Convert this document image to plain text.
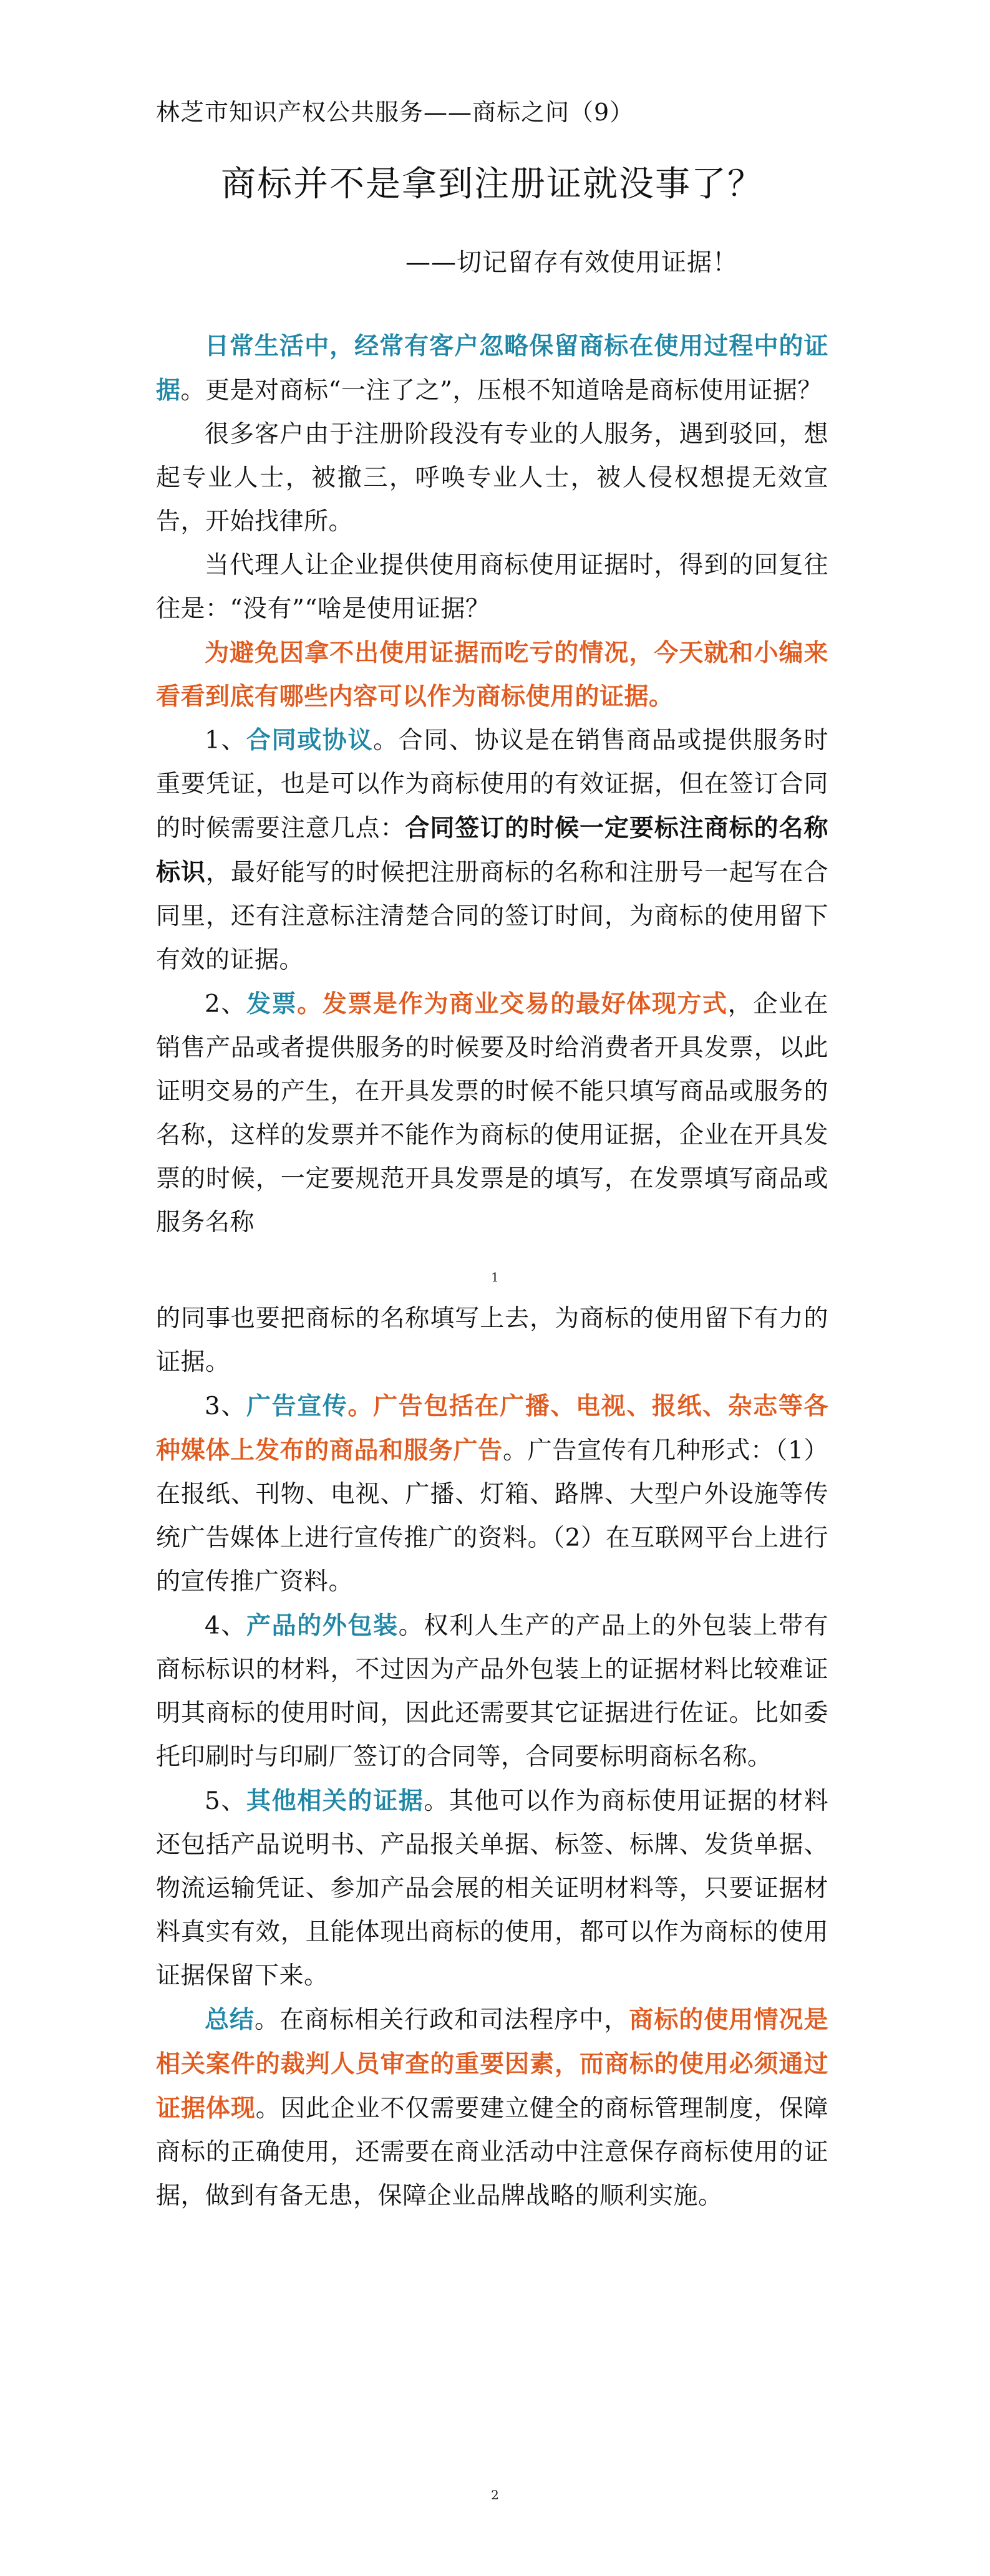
林芝市知识产权公共服务——商标之问（9）
商标并不是拿到注册证就没事了？
——切记留存有效使用证据！

日常生活中，经常有客户忽略保留商标在使用过程中的证据。更是对商标“一注了之”，压根不知道啥是商标使用证据？

很多客户由于注册阶段没有专业的人服务，遇到驳回，想起专业人士，被撤三，呼唤专业人士，被人侵权想提无效宣告，开始找律所。

当代理人让企业提供使用商标使用证据时，得到的回复往往是：“没有”“啥是使用证据？

为避免因拿不出使用证据而吃亏的情况，今天就和小编来看看到底有哪些内容可以作为商标使用的证据。

1、合同或协议。合同、协议是在销售商品或提供服务时重要凭证，也是可以作为商标使用的有效证据，但在签订合同的时候需要注意几点：合同签订的时候一定要标注商标的名称标识，最好能写的时候把注册商标的名称和注册号一起写在合同里，还有注意标注清楚合同的签订时间，为商标的使用留下有效的证据。

2、发票。发票是作为商业交易的最好体现方式，企业在销售产品或者提供服务的时候要及时给消费者开具发票，以此证明交易的产生，在开具发票的时候不能只填写商品或服务的名称，这样的发票并不能作为商标的使用证据，企业在开具发票的时候，一定要规范开具发票是的填写，在发票填写商品或服务名称

1

的同事也要把商标的名称填写上去，为商标的使用留下有力的证据。

3、广告宣传。广告包括在广播、电视、报纸、杂志等各种媒体上发布的商品和服务广告。广告宣传有几种形式：（1）在报纸、刊物、电视、广播、灯箱、路牌、大型户外设施等传统广告媒体上进行宣传推广的资料。（2）在互联网平台上进行的宣传推广资料。

4、产品的外包装。权利人生产的产品上的外包装上带有商标标识的材料，不过因为产品外包装上的证据材料比较难证明其商标的使用时间，因此还需要其它证据进行佐证。比如委托印刷时与印刷厂签订的合同等，合同要标明商标名称。

5、其他相关的证据。其他可以作为商标使用证据的材料还包括产品说明书、产品报关单据、标签、标牌、发货单据、物流运输凭证、参加产品会展的相关证明材料等，只要证据材料真实有效，且能体现出商标的使用，都可以作为商标的使用证据保留下来。

总结。在商标相关行政和司法程序中，商标的使用情况是相关案件的裁判人员审查的重要因素，而商标的使用必须通过证据体现。因此企业不仅需要建立健全的商标管理制度，保障商标的正确使用，还需要在商业活动中注意保存商标使用的证据，做到有备无患，保障企业品牌战略的顺利实施。

2
